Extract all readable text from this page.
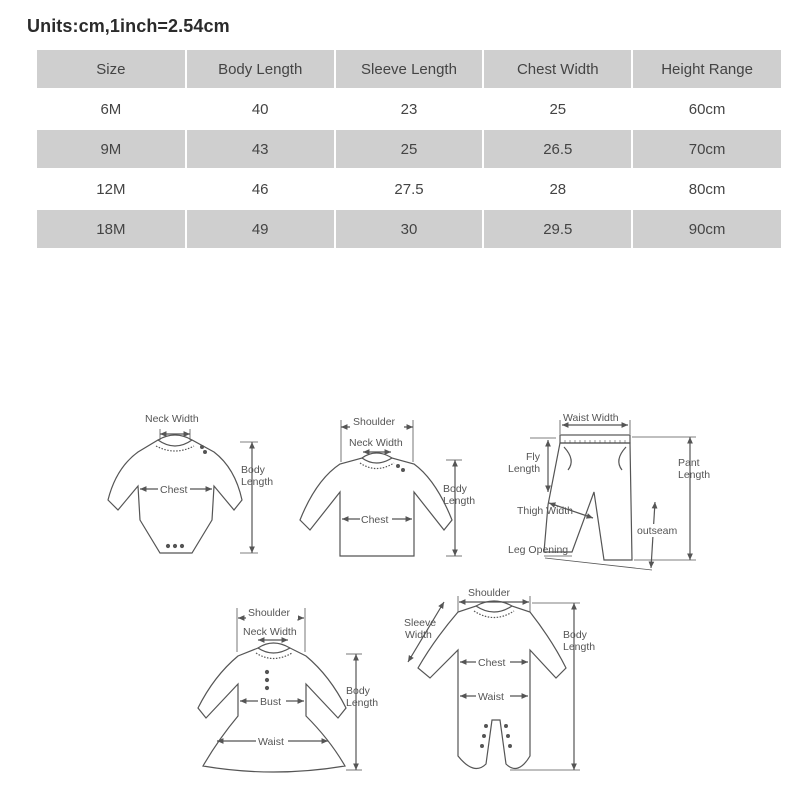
Units:cm,1inch=2.54cm
Size	Body Length	Sleeve Length	Chest Width	Height Range
6M	40	23	25	60cm
9M	43	25	26.5	70cm
12M	46	27.5	28	80cm
18M	49	30	29.5	90cm
Neck Width
Chest
Body
Length
Shoulder
Neck Width
Chest
Body
Length
Waist Width
Fly
Length	Pant
Length
Thigh Width
outseam
Leg Opening
Shoulder
Neck Width
Bust
Waist
Body
Length
Shoulder
Sleeve
Width
Chest
Waist
Body
Length
